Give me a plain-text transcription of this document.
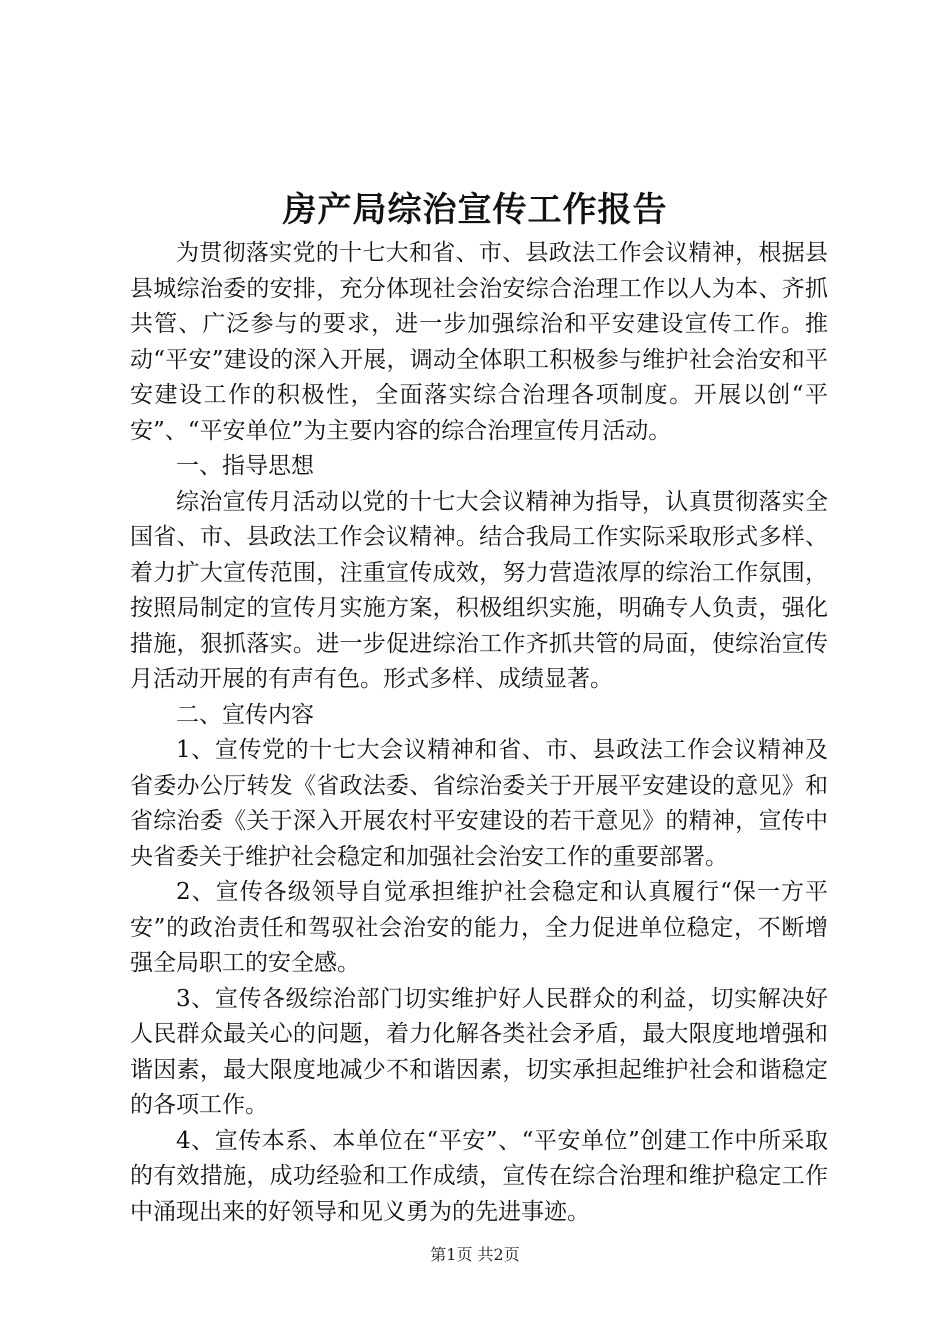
房产局综治宣传工作报告

为贯彻落实党的十七大和省、市、县政法工作会议精神，根据县县城综治委的安排，充分体现社会治安综合治理工作以人为本、齐抓共管、广泛参与的要求，进一步加强综治和平安建设宣传工作。推动“平安”建设的深入开展，调动全体职工积极参与维护社会治安和平安建设工作的积极性，全面落实综合治理各项制度。开展以创“平安”、“平安单位”为主要内容的综合治理宣传月活动。

一、指导思想

综治宣传月活动以党的十七大会议精神为指导，认真贯彻落实全国省、市、县政法工作会议精神。结合我局工作实际采取形式多样、着力扩大宣传范围，注重宣传成效，努力营造浓厚的综治工作氛围，按照局制定的宣传月实施方案，积极组织实施，明确专人负责，强化措施，狠抓落实。进一步促进综治工作齐抓共管的局面，使综治宣传月活动开展的有声有色。形式多样、成绩显著。

二、宣传内容

1、宣传党的十七大会议精神和省、市、县政法工作会议精神及省委办公厅转发《省政法委、省综治委关于开展平安建设的意见》和省综治委《关于深入开展农村平安建设的若干意见》的精神，宣传中央省委关于维护社会稳定和加强社会治安工作的重要部署。

2、宣传各级领导自觉承担维护社会稳定和认真履行“保一方平安”的政治责任和驾驭社会治安的能力，全力促进单位稳定，不断增强全局职工的安全感。

3、宣传各级综治部门切实维护好人民群众的利益，切实解决好人民群众最关心的问题，着力化解各类社会矛盾，最大限度地增强和谐因素，最大限度地减少不和谐因素，切实承担起维护社会和谐稳定的各项工作。

4、宣传本系、本单位在“平安”、“平安单位”创建工作中所采取的有效措施，成功经验和工作成绩，宣传在综合治理和维护稳定工作中涌现出来的好领导和见义勇为的先进事迹。

第1页 共2页
